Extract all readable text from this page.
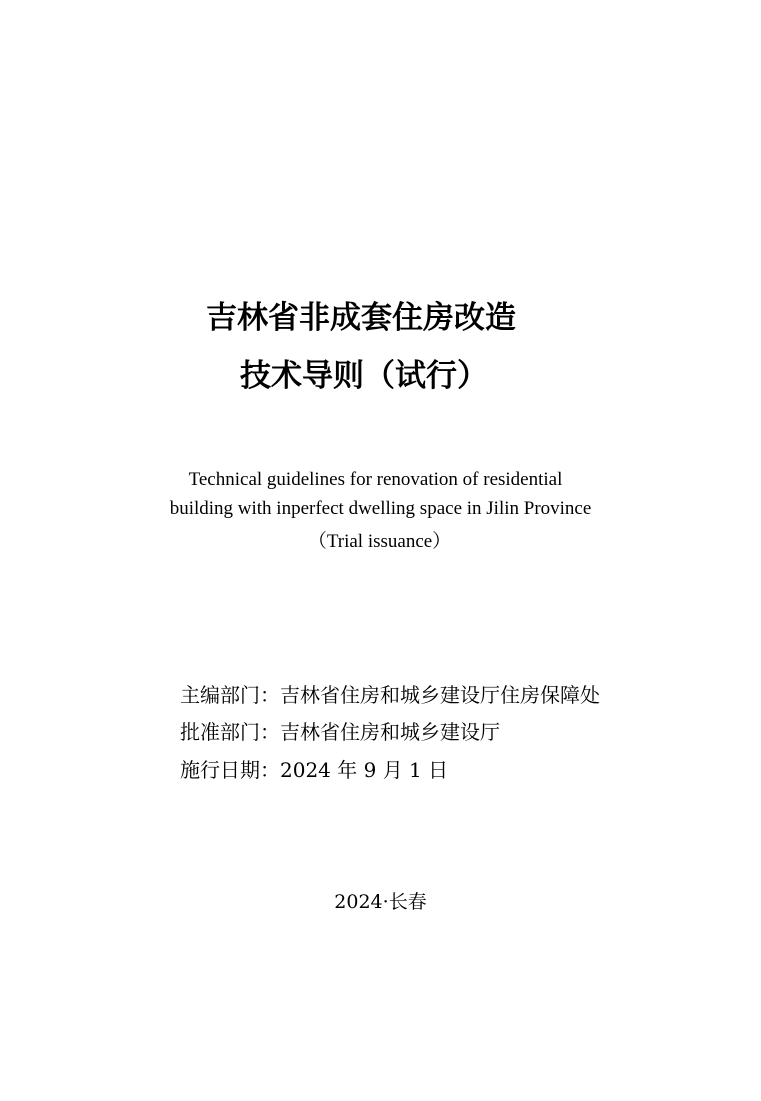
吉林省非成套住房改造
技术导则（试行）
Technical guidelines for renovation of residential
building with inperfect dwelling space in Jilin Province
（Trial issuance）
主编部门：吉林省住房和城乡建设厅住房保障处
批准部门：吉林省住房和城乡建设厅
施行日期：2024 年 9 月 1 日
2024·长春
